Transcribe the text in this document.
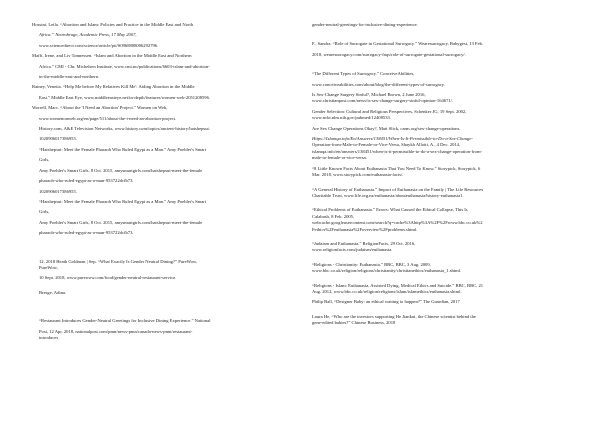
Hossini, Leila. “Abortion and Islam: Policies and Practice in the Middle East and North
Africa.” Neurobrage, Academic Press, 17 May 2007,
www.sciencedirect.com/science/article/pii/S0968808006292796.
Maffi, Irene, and Liv Tønnessen. “Islam and Abortion in the Middle East and Northern
Africa.” CMI - Chr. Michelsen Institute, www.cmi.no/publications/6603-islam-and-abortion-
in-the-middle-east-and-northern.
Rainey, Venetia. “Help Me before My Relatives Kill Me': Aiding Abortion in the Middle
East.” Middle East Eye, www.middleeasteye.net/in-depth/features/women-web-2051208596.
Worrell, Marc. “About the 'I Need an Abortion' Project.” Women on Web,
www.womenonweb.org/en/page/511/about-the-i-need-an-abortion-project.
History.com, A&E Television Networks, www.history.com/topics/ancient-history/hatshepsut.
1020906017386955.
“Hatshepsut: Meet the Female Pharaoh Who Ruled Egypt as a Man.” Amy Poehler's Smart
Girls,
Amy Poehler's Smart Girls, 8 Oct. 2015, amysmartgirls.com/hatshepsut-meet-the-female
pharaoh-who-ruled-egypt-as-a-man-953722dcfb73.
1020906017386955.
“Hatshepsut: Meet the Female Pharaoh Who Ruled Egypt as a Man.” Amy Poehler's Smart
Girls,
Amy Poehler's Smart Girls, 8 Oct. 2015, amysmartgirls.com/hatshepsut-meet-the-female
pharaoh-who-ruled-egypt-as-a-man-953722dcfb73.
12, 2018 Heath Goldman | Sep. “What Exactly Is Gender Neutral Dining?” PureWow,
PureWow,
10 Sept. 2018, www.purewow.com/food/gender-neutral-restaurant-service.
Bresge, Adina.
“Restaurant Introduces Gender-Neutral Greetings for Inclusive Dining Experience.” National
Post, 12 Apr. 2018, nationalpost.com/pmn/news-pmn/canada-news-pmn/restaurant-
introduces
gender-neutral-greetings-for-inclusive-dining-experience.
F., Sandra. “Role of Surrogate in Gestational Surrogacy.” Wearesurrogacy, Babygest, 13 Feb.
2018, wearesurrogacy.com/surrogacy-faqs/role-of-surrogate-gestational-surrogacy/.
“The Different Types of Surrogacy.” ConceiveAbilities,
www.conceiveabilities.com/about/blog/the-different-types-of-surrogacy.
Is Sex-Change Surgery Sinful?, Michael Brown, 2 June 2016,
www.christianpost.com/news/is-sex-change-surgery-sinful-opinion-164671/.
Gender Selection: Cultural and Religious Perspectives, Schenker JG, 19 Sept. 2002,
www.ncbi.nlm.nih.gov/pubmed/12408533.
Are Sex Change Operations Okay?, Matt Slick, carm.org/sex-change-operations.
Https://Islamqa.info/En/Answers/138451/When-Is-It-Permissible-to-Do-a-Sex-Change-
Operation-from-Male-to-Female-or-Vice-Versa, Shaykh Allotti, A., 4 Dec. 2014,
islamqa.info/en/answers/138451/when-is-it-permissible-to-do-a-sex-change-operation-from-
male-to-female-or-vice-versa.
“8 Little Known Facts About Euthanasia That You Need To Know.” Storypick, Storypick, 6
Mar. 2018, www.storypick.com/euthanasia-facts/.
“A General History of Euthanasia.” Impact of Euthanasia on the Family | The Life Resources
Charitable Trust, www.life.org.nz/euthanasia/abouteuthanasia/history-euthanasia1.
“Ethical Problems of Euthanasia.” Errors: What Caused the Ethical Collapse, This Is
Calabash, 8 Feb. 2005,
webcache.googleusercontent.com/search?q=cache%3Ahttp%3A%2F%2Fwww.bbc.co.uk%2
Fethics%2Feuthanasia%2Foverview%2Fproblems.shtml.
“Judaism and Euthanasia.” ReligionFacts, 29 Oct. 2016,
www.religionfacts.com/judaism/euthanasia.
“Religions - Christianity: Euthanasia.” BBC, BBC, 3 Aug. 2009,
www.bbc.co.uk/religion/religions/christianity/christianethics/euthanasia_1.shtml.
“Religions - Islam: Euthanasia, Assisted Dying, Medical Ethics and Suicide.” BBC, BBC, 21
Aug. 2012, www.bbc.co.uk/religion/religions/islam/islamethics/euthanasia.shtml.
Philip Ball, “Designer Baby: an ethical waiting to happen?” The Guardian, 2017
Laura He, “Who are the investors supporting He Jiankui, the Chinese scientist behind the
gene-edited babies?” Chinese Business, 2018
